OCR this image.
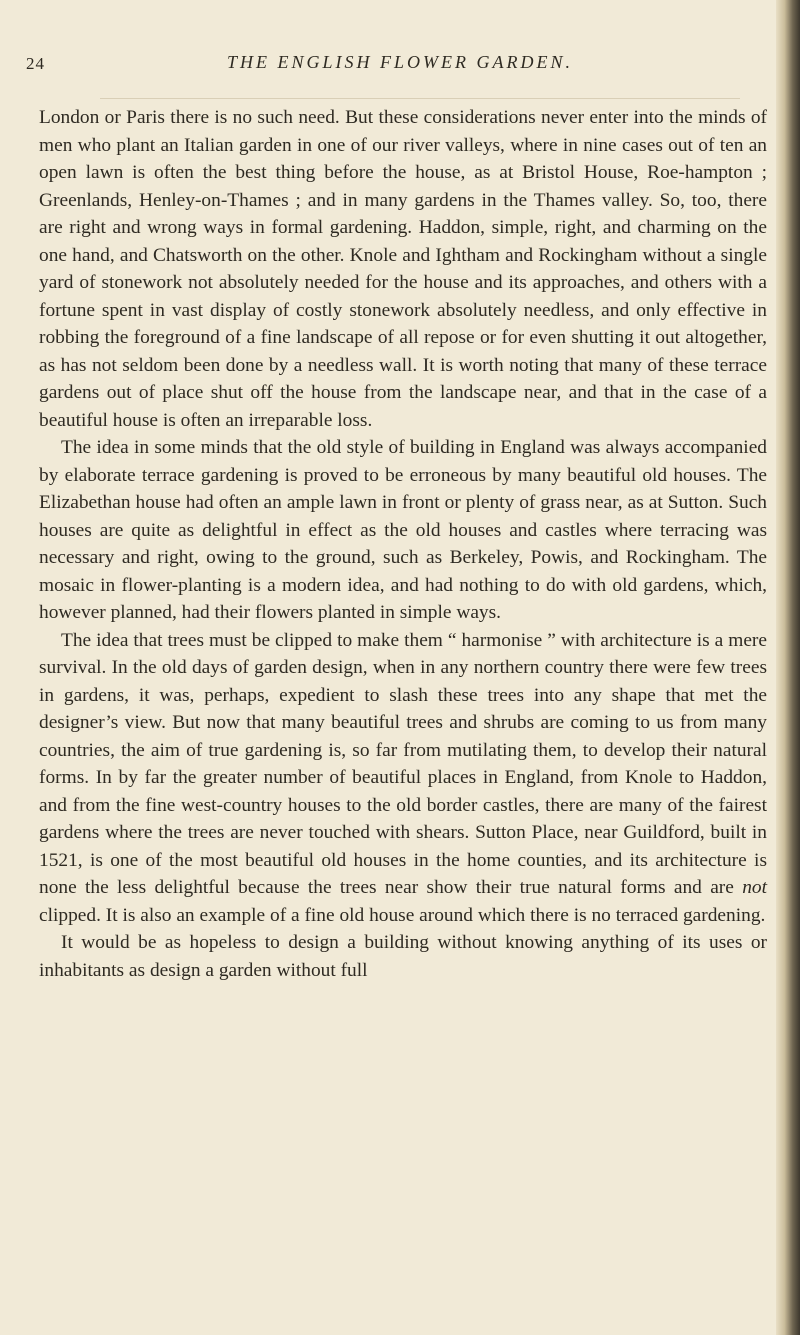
24	THE ENGLISH FLOWER GARDEN.

London or Paris there is no such need. But these considerations never enter into the minds of men who plant an Italian garden in one of our river valleys, where in nine cases out of ten an open lawn is often the best thing before the house, as at Bristol House, Roe-hampton ; Greenlands, Henley-on-Thames ; and in many gardens in the Thames valley. So, too, there are right and wrong ways in formal gardening. Haddon, simple, right, and charming on the one hand, and Chatsworth on the other. Knole and Ightham and Rockingham without a single yard of stonework not absolutely needed for the house and its approaches, and others with a fortune spent in vast display of costly stonework absolutely needless, and only effective in robbing the foreground of a fine landscape of all repose or for even shutting it out altogether, as has not seldom been done by a needless wall. It is worth noting that many of these terrace gardens out of place shut off the house from the landscape near, and that in the case of a beautiful house is often an irreparable loss.

The idea in some minds that the old style of building in England was always accompanied by elaborate terrace gardening is proved to be erroneous by many beautiful old houses. The Elizabethan house had often an ample lawn in front or plenty of grass near, as at Sutton. Such houses are quite as delightful in effect as the old houses and castles where terracing was necessary and right, owing to the ground, such as Berkeley, Powis, and Rockingham. The mosaic in flower-planting is a modern idea, and had nothing to do with old gardens, which, however planned, had their flowers planted in simple ways.

The idea that trees must be clipped to make them “ harmonise ” with architecture is a mere survival. In the old days of garden design, when in any northern country there were few trees in gardens, it was, perhaps, expedient to slash these trees into any shape that met the designer’s view. But now that many beautiful trees and shrubs are coming to us from many countries, the aim of true gardening is, so far from mutilating them, to develop their natural forms. In by far the greater number of beautiful places in England, from Knole to Haddon, and from the fine west-country houses to the old border castles, there are many of the fairest gardens where the trees are never touched with shears. Sutton Place, near Guildford, built in 1521, is one of the most beautiful old houses in the home counties, and its architecture is none the less delightful because the trees near show their true natural forms and are not clipped. It is also an example of a fine old house around which there is no terraced gardening.

It would be as hopeless to design a building without knowing anything of its uses or inhabitants as design a garden without full
